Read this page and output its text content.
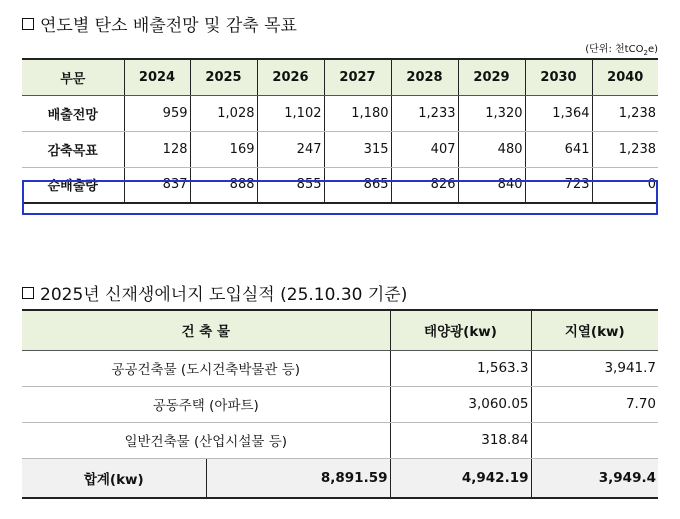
연도별 탄소 배출전망 및 감축 목표
(단위: 천tCO$_2$e)
부문	2024	2025	2026	2027	2028	2029	2030	2040
배출전망	959	1,028	1,102	1,180	1,233	1,320	1,364	1,238
감축목표	128	169	247	315	407	480	641	1,238
순배출량	837	888	855	865	826	840	723	0
2025년 신재생에너지 도입실적 (25.10.30 기준)
건 축 물		태양광(kw)	지열(kw)
공공건축물 (도시건축박물관 등)		1,563.3	3,941.7
공동주택 (아파트)		3,060.05	7.70
일반건축물 (산업시설물 등)		318.84	
합계(kw)	8,891.59	4,942.19	3,949.4
